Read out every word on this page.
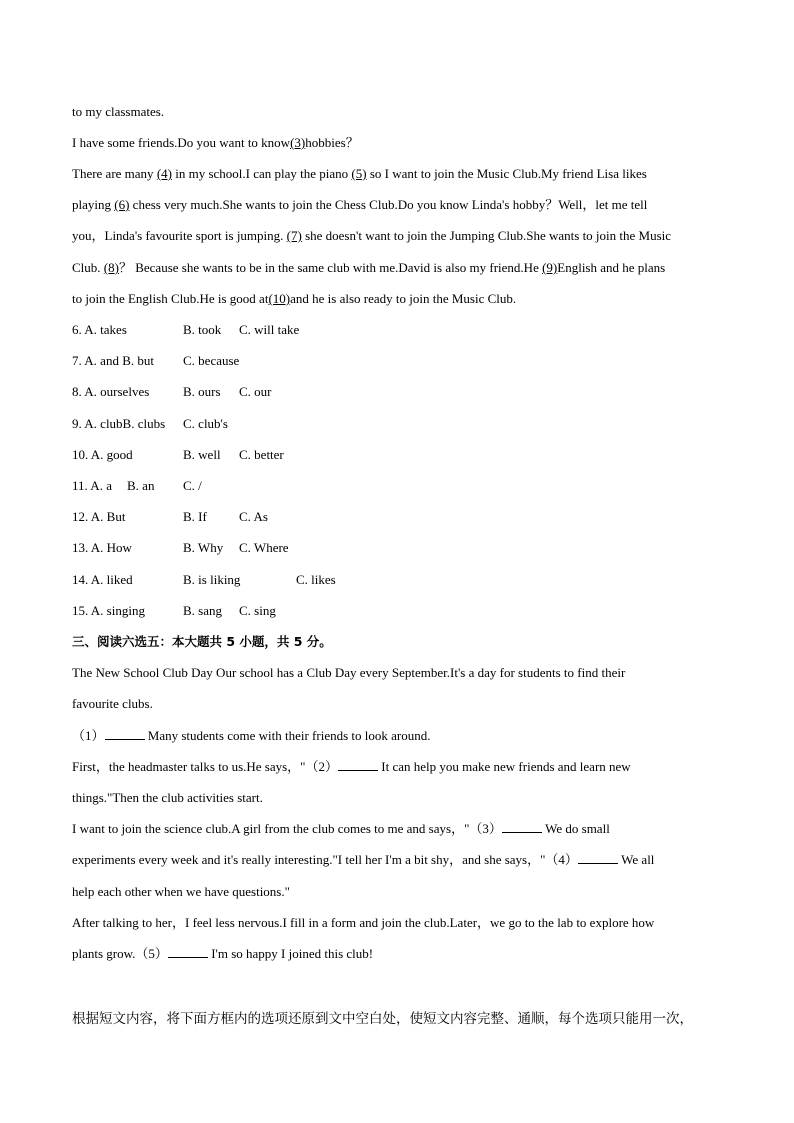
to my classmates.
I have some friends.Do you want to know(3)hobbies？
There are many (4) in my school.I can play the piano (5) so I want to join the Music Club.My friend Lisa likes
playing (6) chess very much.She wants to join the Chess Club.Do you know Linda's hobby？Well，let me tell
you，Linda's favourite sport is jumping. (7) she doesn't want to join the Jumping Club.She wants to join the Music
Club. (8)？ Because she wants to be in the same club with me.David is also my friend.He (9)English and he plans
to join the English Club.He is good at(10)and he is also ready to join the Music Club.
6. A. takes	B. took C. will take
7. A. and B. but C. because
8. A. ourselves	B. ours C. our
9. A. clubB. clubs C. club's
10. A. good	B. well C. better
11. A. a B. an C. /
12. A. But	B. If C. As
13. A. How	B. Why C. Where
14. A. liked	B. is liking	C. likes
15. A. singing	B. sang C. sing
三、阅读六选五：本大题共 5 小题，共 5 分。
The New School Club Day Our school has a Club Day every September.It's a day for students to find their
favourite clubs.
（1）	Many students come with their friends to look around.
First，the headmaster talks to us.He says，"（2）	It can help you make new friends and learn new
things."Then the club activities start.
I want to join the science club.A girl from the club comes to me and says，"（3）	We do small
experiments every week and it's really interesting."I tell her I'm a bit shy，and she says，"（4）	We all
help each other when we have questions."
After talking to her，I feel less nervous.I fill in a form and join the club.Later，we go to the lab to explore how
plants grow.（5）	I'm so happy I joined this club!
根据短文内容，将下面方框内的选项还原到文中空白处，使短文内容完整、通顺，每个选项只能用一次，
